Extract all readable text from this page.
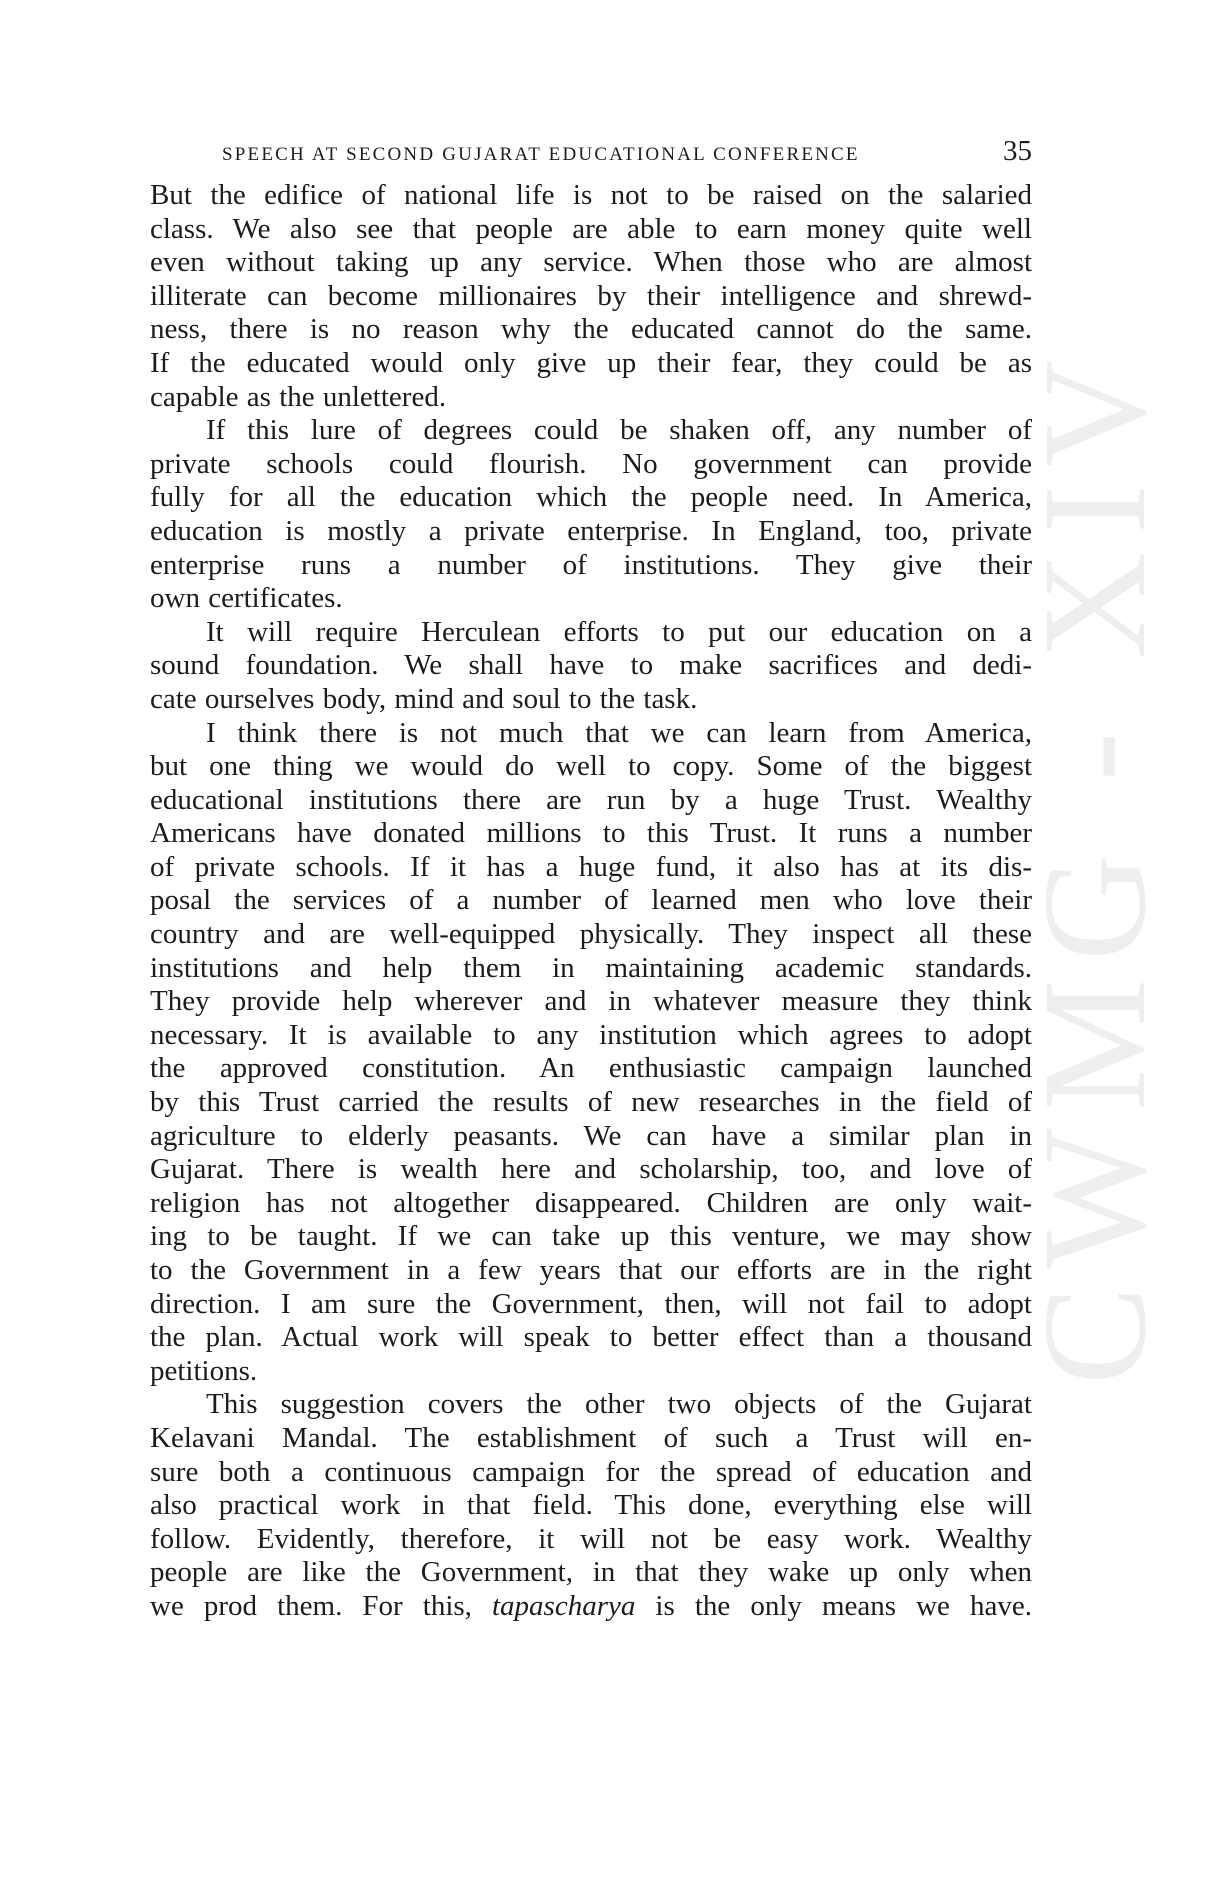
SPEECH AT SECOND GUJARAT EDUCATIONAL CONFERENCE	35
CWMG - XIV

But the edifice of national life is not to be raised on the salaried
class. We also see that people are able to earn money quite well
even without taking up any service. When those who are almost
illiterate can become millionaires by their intelligence and shrewd-
ness, there is no reason why the educated cannot do the same.
If the educated would only give up their fear, they could be as
capable as the unlettered.

If this lure of degrees could be shaken off, any number of
private schools could flourish. No government can provide
fully for all the education which the people need. In America,
education is mostly a private enterprise. In England, too, private
enterprise runs a number of institutions. They give their
own certificates.

It will require Herculean efforts to put our education on a
sound foundation. We shall have to make sacrifices and dedi-
cate ourselves body, mind and soul to the task.

I think there is not much that we can learn from America,
but one thing we would do well to copy. Some of the biggest
educational institutions there are run by a huge Trust. Wealthy
Americans have donated millions to this Trust. It runs a number
of private schools. If it has a huge fund, it also has at its dis-
posal the services of a number of learned men who love their
country and are well-equipped physically. They inspect all these
institutions and help them in maintaining academic standards.
They provide help wherever and in whatever measure they think
necessary. It is available to any institution which agrees to adopt
the approved constitution. An enthusiastic campaign launched
by this Trust carried the results of new researches in the field of
agriculture to elderly peasants. We can have a similar plan in
Gujarat. There is wealth here and scholarship, too, and love of
religion has not altogether disappeared. Children are only wait-
ing to be taught. If we can take up this venture, we may show
to the Government in a few years that our efforts are in the right
direction. I am sure the Government, then, will not fail to adopt
the plan. Actual work will speak to better effect than a thousand
petitions.

This suggestion covers the other two objects of the Gujarat
Kelavani Mandal. The establishment of such a Trust will en-
sure both a continuous campaign for the spread of education and
also practical work in that field. This done, everything else will
follow. Evidently, therefore, it will not be easy work. Wealthy
people are like the Government, in that they wake up only when
we prod them. For this, tapascharya is the only means we have.
